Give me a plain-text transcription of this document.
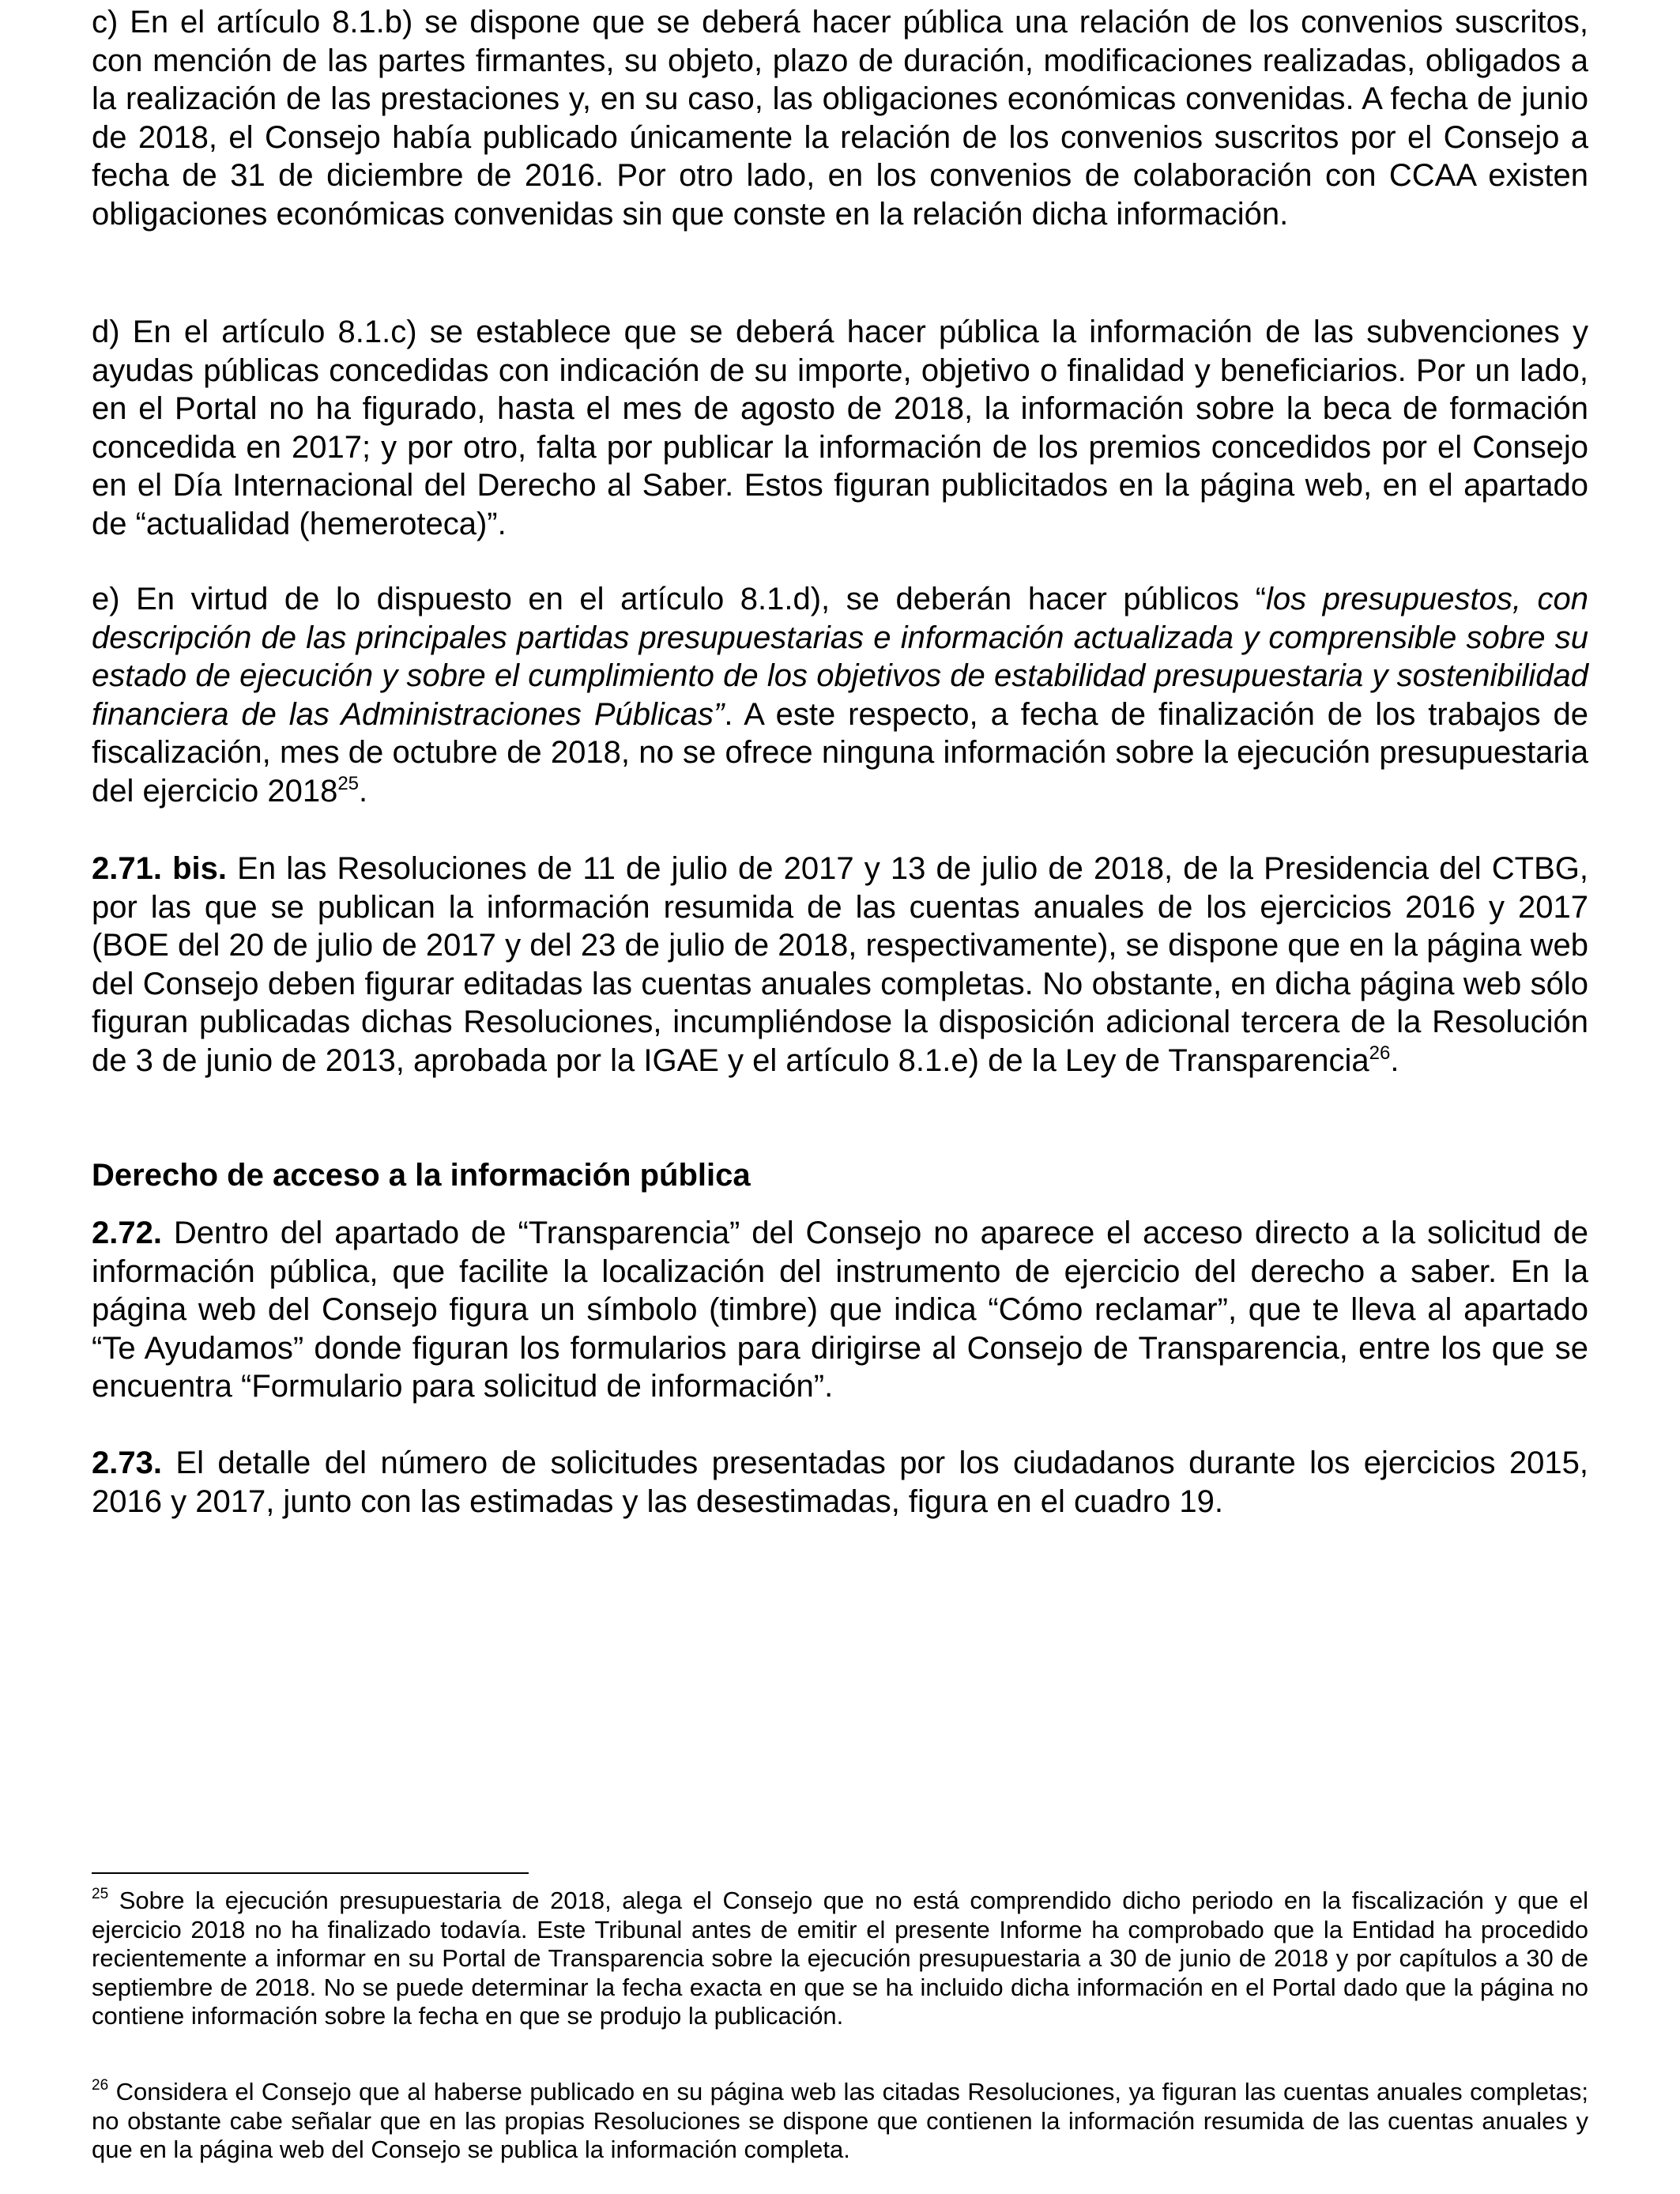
c) En el artículo 8.1.b) se dispone que se deberá hacer pública una relación de los convenios suscritos, con mención de las partes firmantes, su objeto, plazo de duración, modificaciones realizadas, obligados a la realización de las prestaciones y, en su caso, las obligaciones económicas convenidas. A fecha de junio de 2018, el Consejo había publicado únicamente la relación de los convenios suscritos por el Consejo a fecha de 31 de diciembre de 2016. Por otro lado, en los convenios de colaboración con CCAA existen obligaciones económicas convenidas sin que conste en la relación dicha información.

d) En el artículo 8.1.c) se establece que se deberá hacer pública la información de las subvenciones y ayudas públicas concedidas con indicación de su importe, objetivo o finalidad y beneficiarios. Por un lado, en el Portal no ha figurado, hasta el mes de agosto de 2018, la información sobre la beca de formación concedida en 2017; y por otro, falta por publicar la información de los premios concedidos por el Consejo en el Día Internacional del Derecho al Saber. Estos figuran publicitados en la página web, en el apartado de “actualidad (hemeroteca)”.

e) En virtud de lo dispuesto en el artículo 8.1.d), se deberán hacer públicos “los presupuestos, con descripción de las principales partidas presupuestarias e información actualizada y comprensible sobre su estado de ejecución y sobre el cumplimiento de los objetivos de estabilidad presupuestaria y sostenibilidad financiera de las Administraciones Públicas”. A este respecto, a fecha de finalización de los trabajos de fiscalización, mes de octubre de 2018, no se ofrece ninguna información sobre la ejecución presupuestaria del ejercicio 2018$^{25}$.

2.71. bis. En las Resoluciones de 11 de julio de 2017 y 13 de julio de 2018, de la Presidencia del CTBG, por las que se publican la información resumida de las cuentas anuales de los ejercicios 2016 y 2017 (BOE del 20 de julio de 2017 y del 23 de julio de 2018, respectivamente), se dispone que en la página web del Consejo deben figurar editadas las cuentas anuales completas. No obstante, en dicha página web sólo figuran publicadas dichas Resoluciones, incumpliéndose la disposición adicional tercera de la Resolución de 3 de junio de 2013, aprobada por la IGAE y el artículo 8.1.e) de la Ley de Transparencia$^{26}$.

Derecho de acceso a la información pública

2.72. Dentro del apartado de “Transparencia” del Consejo no aparece el acceso directo a la solicitud de información pública, que facilite la localización del instrumento de ejercicio del derecho a saber. En la página web del Consejo figura un símbolo (timbre) que indica “Cómo reclamar”, que te lleva al apartado “Te Ayudamos” donde figuran los formularios para dirigirse al Consejo de Transparencia, entre los que se encuentra “Formulario para solicitud de información”.

2.73. El detalle del número de solicitudes presentadas por los ciudadanos durante los ejercicios 2015, 2016 y 2017, junto con las estimadas y las desestimadas, figura en el cuadro 19.

$^{25}$ Sobre la ejecución presupuestaria de 2018, alega el Consejo que no está comprendido dicho periodo en la fiscalización y que el ejercicio 2018 no ha finalizado todavía. Este Tribunal antes de emitir el presente Informe ha comprobado que la Entidad ha procedido recientemente a informar en su Portal de Transparencia sobre la ejecución presupuestaria a 30 de junio de 2018 y por capítulos a 30 de septiembre de 2018. No se puede determinar la fecha exacta en que se ha incluido dicha información en el Portal dado que la página no contiene información sobre la fecha en que se produjo la publicación.

$^{26}$ Considera el Consejo que al haberse publicado en su página web las citadas Resoluciones, ya figuran las cuentas anuales completas; no obstante cabe señalar que en las propias Resoluciones se dispone que contienen la información resumida de las cuentas anuales y que en la página web del Consejo se publica la información completa.
